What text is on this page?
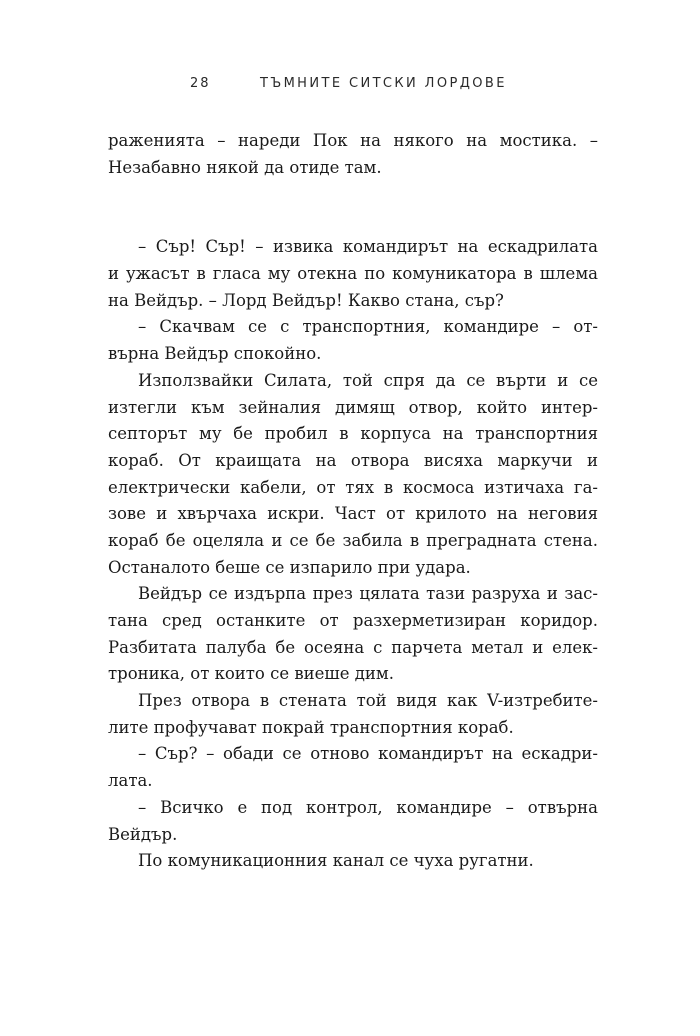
28	ТЪМНИТЕ СИТСКИ ЛОРДОВЕ
раженията – нареди Пок на някого на мостика. –
Незабавно някой да отиде там.
– Сър! Сър! – извика командирът на ескадрилата
и ужасът в гласа му отекна по комуникатора в шлема
на Вейдър. – Лорд Вейдър! Какво стана, сър?
– Скачвам се с транспортния, командире – от-
върна Вейдър спокойно.
Използвайки Силата, той спря да се върти и се
изтегли към зейналия димящ отвор, който интер-
септорът му бе пробил в корпуса на транспортния
кораб. От краищата на отвора висяха маркучи и
електрически кабели, от тях в космоса изтичаха га-
зове и хвърчаха искри. Част от крилото на неговия
кораб бе оцеляла и се бе забила в преградната стена.
Останалото беше се изпарило при удара.
Вейдър се издърпа през цялата тази разруха и зас-
тана сред останките от разхерметизиран коридор.
Разбитата палуба бе осеяна с парчета метал и елек-
троника, от които се виеше дим.
През отвора в стената той видя как V-изтребите-
лите профучават покрай транспортния кораб.
– Сър? – обади се отново командирът на ескадри-
лата.
– Всичко е под контрол, командире – отвърна
Вейдър.
По комуникационния канал се чуха ругатни.
